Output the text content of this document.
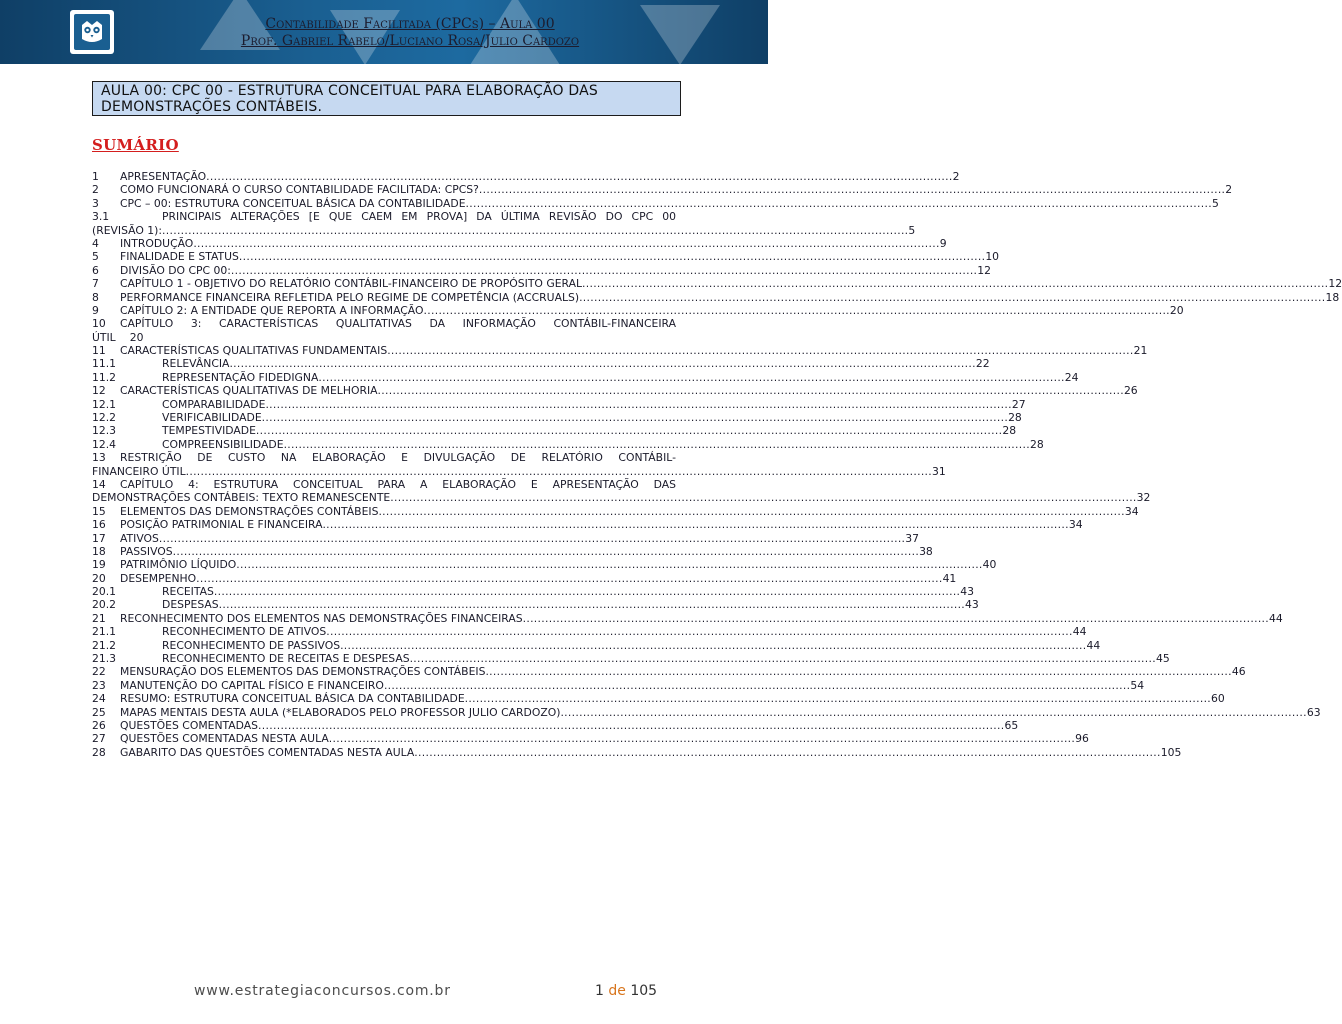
Contabilidade Facilitada (CPCs) – Aula 00
Prof. Gabriel Rabelo/Luciano Rosa/Julio Cardozo
AULA 00: CPC 00 - ESTRUTURA CONCEITUAL PARA ELABORAÇÃO DAS DEMONSTRAÇÕES CONTÁBEIS.
SUMÁRIO
1	APRESENTAÇÃO ........................................................................................................................................................................................................ 2
2	COMO FUNCIONARÁ O CURSO CONTABILIDADE FACILITADA: CPCS? ........................................................................................................................................................................................................ 2
3	CPC – 00: ESTRUTURA CONCEITUAL BÁSICA DA CONTABILIDADE ........................................................................................................................................................................................................ 5
3.1	PRINCIPAIS ALTERAÇÕES [E QUE CAEM EM PROVA] DA ÚLTIMA REVISÃO DO CPC 00
(REVISÃO 1): ........................................................................................................................................................................................................ 5
4	INTRODUÇÃO ........................................................................................................................................................................................................ 9
5	FINALIDADE E STATUS ........................................................................................................................................................................................................ 10
6	DIVISÃO DO CPC 00: ........................................................................................................................................................................................................ 12
7	CAPÍTULO 1 - OBJETIVO DO RELATÓRIO CONTÁBIL-FINANCEIRO DE PROPÓSITO GERAL ........................................................................................................................................................................................................ 12
8	PERFORMANCE FINANCEIRA REFLETIDA PELO REGIME DE COMPETÊNCIA (ACCRUALS) ........................................................................................................................................................................................................ 18
9	CAPÍTULO 2: A ENTIDADE QUE REPORTA A INFORMAÇÃO ........................................................................................................................................................................................................ 20
10	CAPÍTULO 3: CARACTERÍSTICAS QUALITATIVAS DA INFORMAÇÃO CONTÁBIL-FINANCEIRA
ÚTIL 20
11	CARACTERÍSTICAS QUALITATIVAS FUNDAMENTAIS ........................................................................................................................................................................................................ 21
11.1	RELEVÂNCIA ........................................................................................................................................................................................................ 22
11.2	REPRESENTAÇÃO FIDEDIGNA ........................................................................................................................................................................................................ 24
12	CARACTERÍSTICAS QUALITATIVAS DE MELHORIA ........................................................................................................................................................................................................ 26
12.1	COMPARABILIDADE ........................................................................................................................................................................................................ 27
12.2	VERIFICABILIDADE ........................................................................................................................................................................................................ 28
12.3	TEMPESTIVIDADE ........................................................................................................................................................................................................ 28
12.4	COMPREENSIBILIDADE ........................................................................................................................................................................................................ 28
13	RESTRIÇÃO DE CUSTO NA ELABORAÇÃO E DIVULGAÇÃO DE RELATÓRIO CONTÁBIL-
FINANCEIRO ÚTIL ........................................................................................................................................................................................................ 31
14	CAPÍTULO 4: ESTRUTURA CONCEITUAL PARA A ELABORAÇÃO E APRESENTAÇÃO DAS
DEMONSTRAÇÕES CONTÁBEIS: TEXTO REMANESCENTE ........................................................................................................................................................................................................ 32
15	ELEMENTOS DAS DEMONSTRAÇÕES CONTÁBEIS ........................................................................................................................................................................................................ 34
16	POSIÇÃO PATRIMONIAL E FINANCEIRA ........................................................................................................................................................................................................ 34
17	ATIVOS ........................................................................................................................................................................................................ 37
18	PASSIVOS ........................................................................................................................................................................................................ 38
19	PATRIMÔNIO LÍQUIDO ........................................................................................................................................................................................................ 40
20	DESEMPENHO ........................................................................................................................................................................................................ 41
20.1	RECEITAS ........................................................................................................................................................................................................ 43
20.2	DESPESAS ........................................................................................................................................................................................................ 43
21	RECONHECIMENTO DOS ELEMENTOS NAS DEMONSTRAÇÕES FINANCEIRAS ........................................................................................................................................................................................................ 44
21.1	RECONHECIMENTO DE ATIVOS ........................................................................................................................................................................................................ 44
21.2	RECONHECIMENTO DE PASSIVOS ........................................................................................................................................................................................................ 44
21.3	RECONHECIMENTO DE RECEITAS E DESPESAS ........................................................................................................................................................................................................ 45
22	MENSURAÇÃO DOS ELEMENTOS DAS DEMONSTRAÇÕES CONTÁBEIS ........................................................................................................................................................................................................ 46
23	MANUTENÇÃO DO CAPITAL FÍSICO E FINANCEIRO ........................................................................................................................................................................................................ 54
24	RESUMO: ESTRUTURA CONCEITUAL BÁSICA DA CONTABILIDADE ........................................................................................................................................................................................................ 60
25	MAPAS MENTAIS DESTA AULA (*ELABORADOS PELO PROFESSOR JULIO CARDOZO) ........................................................................................................................................................................................................ 63
26	QUESTÕES COMENTADAS ........................................................................................................................................................................................................ 65
27	QUESTÕES COMENTADAS NESTA AULA ........................................................................................................................................................................................................ 96
28	GABARITO DAS QUESTÕES COMENTADAS NESTA AULA ........................................................................................................................................................................................................ 105
www.estrategiaconcursos.com.br	1 de 105
